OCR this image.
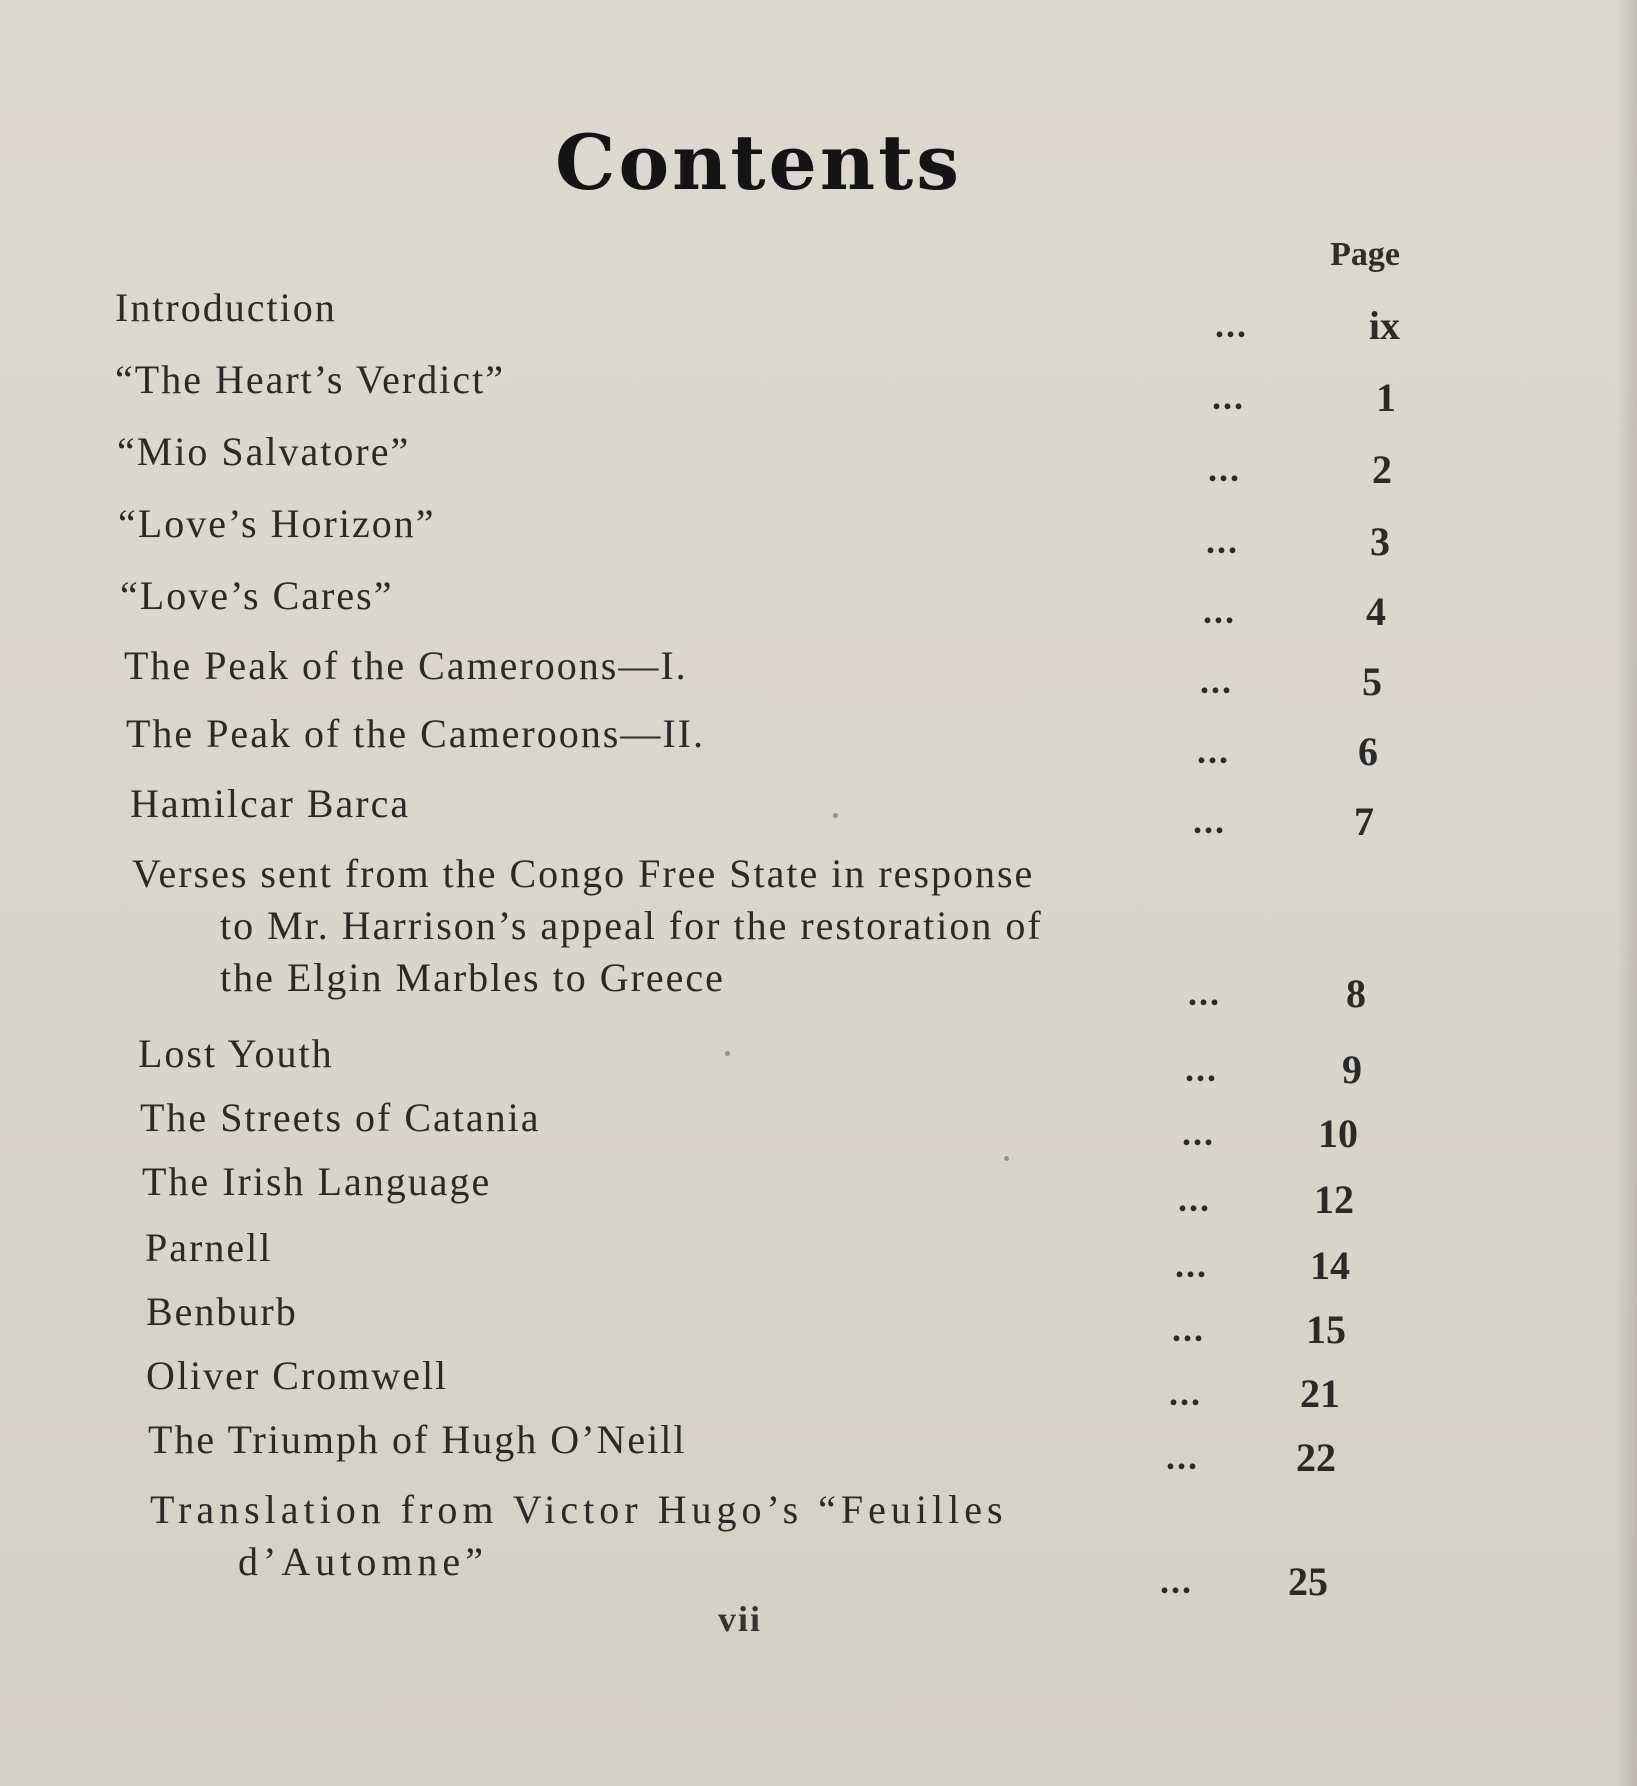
Contents
Page
Introduction	...	ix
“The Heart’s Verdict”	...	1
“Mio Salvatore”	...	2
“Love’s Horizon”	...	3
“Love’s Cares”	...	4
The Peak of the Cameroons—I.	...	5
The Peak of the Cameroons—II.	...	6
Hamilcar Barca	...	7
Verses sent from the Congo Free State in response
to Mr. Harrison’s appeal for the restoration of
the Elgin Marbles to Greece	...	8
Lost Youth	...	9
The Streets of Catania	...	10
The Irish Language	...	12
Parnell	...	14
Benburb	...	15
Oliver Cromwell	...	21
The Triumph of Hugh O’Neill	...	22
Translation from Victor Hugo’s “Feuilles
d’Automne”	...	25
vii
